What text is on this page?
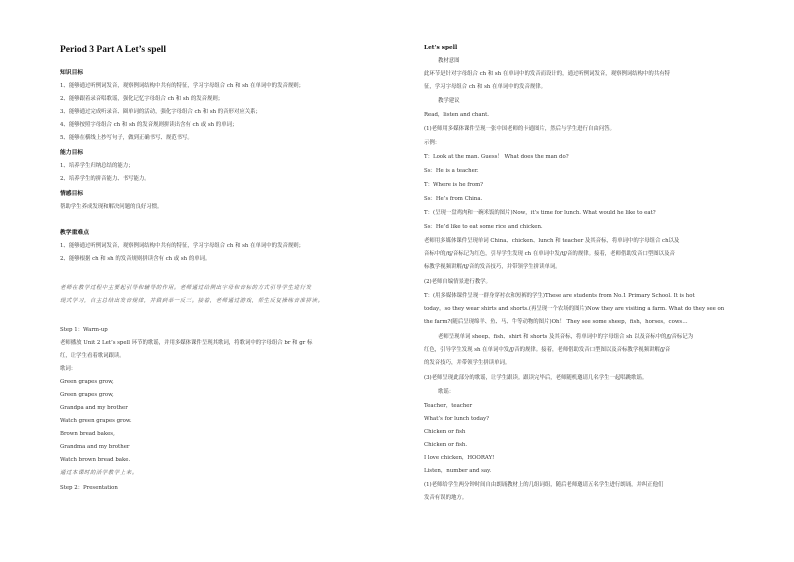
Period 3 Part A Let’s spell
知识目标
1、能够通过听例词发音，观察例词结构中共有的特征，学习字母组合 ch 和 sh 在单词中的发音规则；
2、能够跟着录音唱歌谣，强化记忆字母组合 ch 和 sh 的发音规则；
3、能够通过完成听录音、圈单词的活动，强化字母组合 ch 和 sh 的音形对应关系；
4、能够按照字母组合 ch 和 sh 的发音规则拼读出含有 ch 或 sh 的单词；
5、能够在横线上抄写句子，做到正确书写、规范书写。
能力目标
1、培养学生归纳总结的能力；
2、培养学生的拼音能力、书写能力。
情感目标
帮助学生养成发现和解决问题的良好习惯。
教学重难点
1、能够通过听例词发音，观察例词结构中共有的特征，学习字母组合 ch 和 sh 在单词中的发音规则；
2、能够根据 ch 和 sh 的发音规则拼读含有 ch 或 sh 的单词。
老师在教学过程中主要起引导和辅导的作用。老师通过给例出字母和音标的方式引导学生进行发
现式学习，自主总结出发音规律，并做到举一反三。接着，老师通过游戏，帮生反复操练音准拼读。
Step 1：Warm-up
老师播放 Unit 2 Let’s spell 环节的歌谣，并用多媒体课件呈现其歌词，将歌词中的字母组合 br 和 gr 标
红，让学生看着歌词跟读。
歌词：
Green grapes grow,
Green grapes grow,
Grandpa and my brother
Watch green grapes grow.
Brown bread bakes,
Grandma and my brother
Watch brown bread bake.
通过本课时的活学教学上来。
Step 2：Presentation
Let’s spell
教材意图
此环节是针对字母组合 ch 和 sh 在单词中的发音而设计的，通过听例词发音，观察例词结构中的共有特
征，学习字母组合 ch 和 sh 在单词中的发音规律。
教学建议
Read，listen and chant.
(1)老师用多媒体课件呈现一张中国老师的卡通图片，然后与学生进行自由问答。
示例：
T：Look at the man. Guess！ What does the man do?
Ss：He is a teacher.
T：Where is he from?
Ss：He’s from China.
T：(呈现一盘鸡肉和一碗米饭的图片)Now，it’s time for lunch. What would he like to eat?
Ss：He’d like to eat some rice and chicken.
老师用多媒体课件呈现单词 China、chicken、lunch 和 teacher 及其音标，将单词中的字母组合 ch以及
音标中的/tʃ/音标记为红色，引导学生发现 ch 在单词中发/tʃ/音的规律。接着，老师借助发音口型图以及音
标教学视频讲解/tʃ/音的发音技巧，并带领学生拼读单词。
(2)老师自编情景进行教学。
T：(用多媒体课件呈现一群身穿衬衣和短裤的学生)These are students from No.1 Primary School. It is hot
today，so they wear shirts and shorts.(再呈现一个农场的图片)Now they are visiting a farm. What do they see on
the farm?(随后呈现绵羊、鱼、马、牛等动物的图片)Oh！ They see some sheep，fish，horses，cows…
老师呈现单词 sheep、fish、shirt 和 shorts 及其音标，将单词中的字母组合 sh 以及音标中的/ʃ/音标记为
红色，引导学生发现 sh 在单词中发/ʃ/音的规律。接着，老师借助发音口型图以及音标教学视频讲解/ʃ/音
的发音技巧，并带领学生拼读单词。
(3)老师呈现此部分的歌谣，让学生跟读。跟读完毕后，老师随机邀请几名学生一起唱跳歌谣。
歌谣：
Teacher，teacher
What’s for lunch today?
Chicken or fish
Chicken or fish.
I love chicken，HOORAY!
Listen，number and say.
(1)老师给学生两分钟时间自由朗诵教材上的几组词组，随后老师邀请五名学生进行朗诵，并纠正他们
发音有误的地方。
